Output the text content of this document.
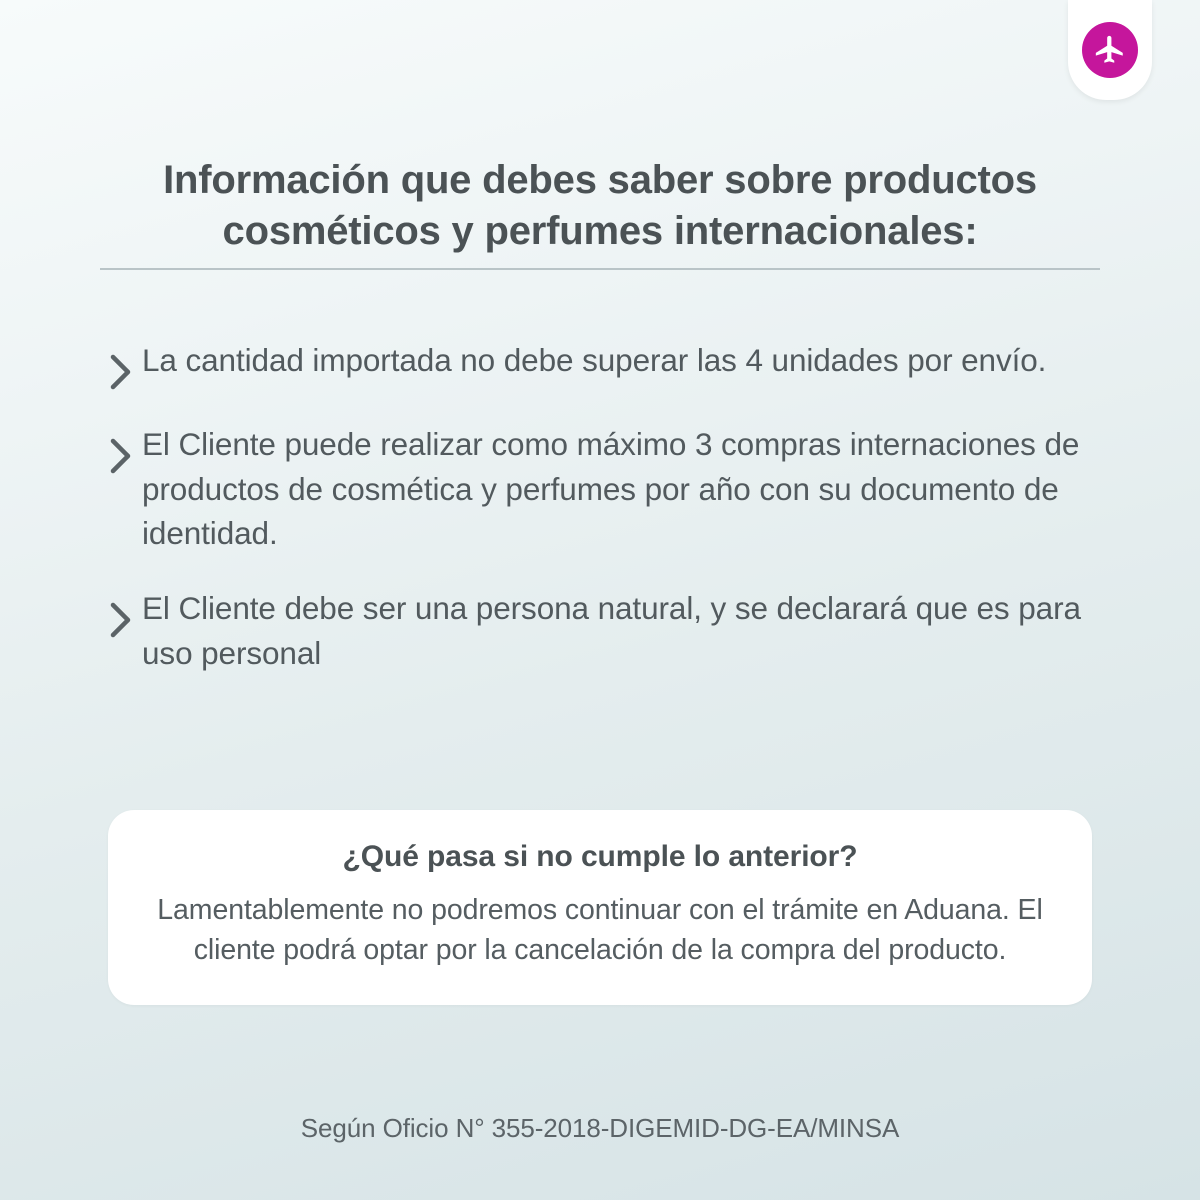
Información que debes saber sobre productos
cosméticos y perfumes internacionales:
La cantidad importada no debe superar las 4 unidades por envío.
El Cliente puede realizar como máximo 3 compras internaciones de productos de cosmética y perfumes por año con su documento de identidad.
El Cliente debe ser una persona natural, y se declarará que es para uso personal
¿Qué pasa si no cumple lo anterior?
Lamentablemente no podremos continuar con el trámite en Aduana. El cliente podrá optar por la cancelación de la compra del producto.
Según Oficio N° 355-2018-DIGEMID-DG-EA/MINSA
